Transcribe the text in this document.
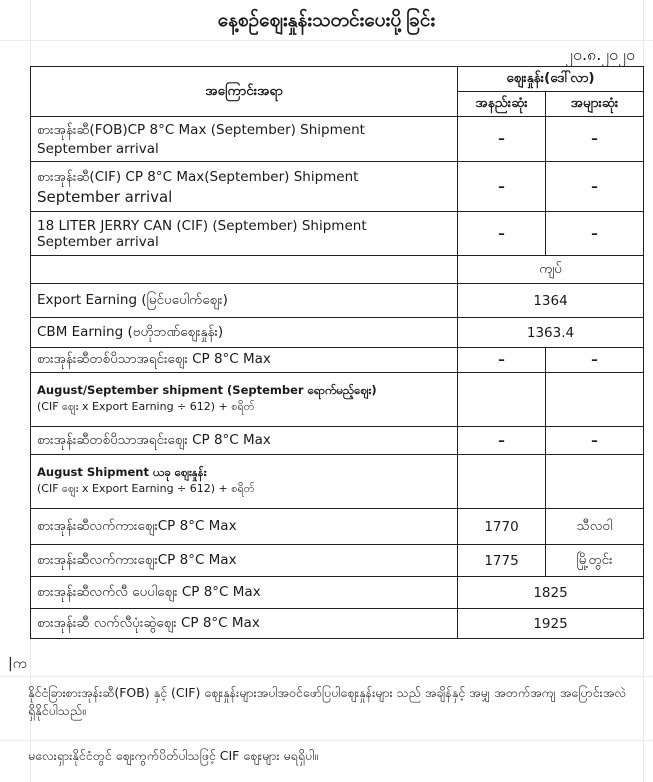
နေ့စဉ်ဈေးနှုန်းသတင်းပေးပို့ခြင်း
၂၀.၈.၂၀၂၀
အကြောင်းအရာ	ဈေးနှုန်း(ဒေါ်လာ)	
	အနည်းဆုံး	အများဆုံး

စားအုန်းဆီ(FOB)CP 8°C Max (September) Shipment
September arrival	–	–

စားအုန်းဆီ(CIF) CP 8°C Max(September) Shipment
September arrival	–	–

18 LITER JERRY CAN (CIF) (September) Shipment
September arrival	–	–
	ကျပ်	
Export Earning (မြင်ပပေါက်ဈေး)	1364	
CBM Earning (ဗဟိုဘဏ်ဈေးနှုန်း)	1363.4	
စားအုန်းဆီတစ်ပိသာအရင်းဈေး CP 8°C Max	–	–

August/September shipment (September ရောက်မည့်ဈေး)
(CIF ဈေး x Export Earning ÷ 612) + စရိတ်		

စားအုန်းဆီတစ်ပိသာအရင်းဈေး CP 8°C Max	–	–

August Shipment ယခု ဈေးနှုန်း
(CIF ဈေး x Export Earning ÷ 612) + စရိတ်		

စားအုန်းဆီလက်ကားဈေးCP 8°C Max	1770	သီလဝါ
စားအုန်းဆီလက်ကားဈေးCP 8°C Max	1775	မြို့တွင်း
စားအုန်းဆီလက်လီ ပေပါဈေး CP 8°C Max	1825	
စားအုန်းဆီ လက်လီပုံးဆွဲဈေး CP 8°C Max	1925	
|က
နိုင်ငံခြားစားအုန်းဆီ(FOB) နှင့် (CIF) ဈေးနှုန်းများအပါအဝင်ဖော်ပြပါဈေးနှုန်းများ သည် အချိန်နှင့် အမျှ အတက်အကျ အပြောင်းအလဲရှိနိုင်ပါသည်။
မလေးရှားနိုင်ငံတွင် ဈေးကွက်ပိတ်ပါသဖြင့် CIF ဈေးများ မရရှိပါ။
